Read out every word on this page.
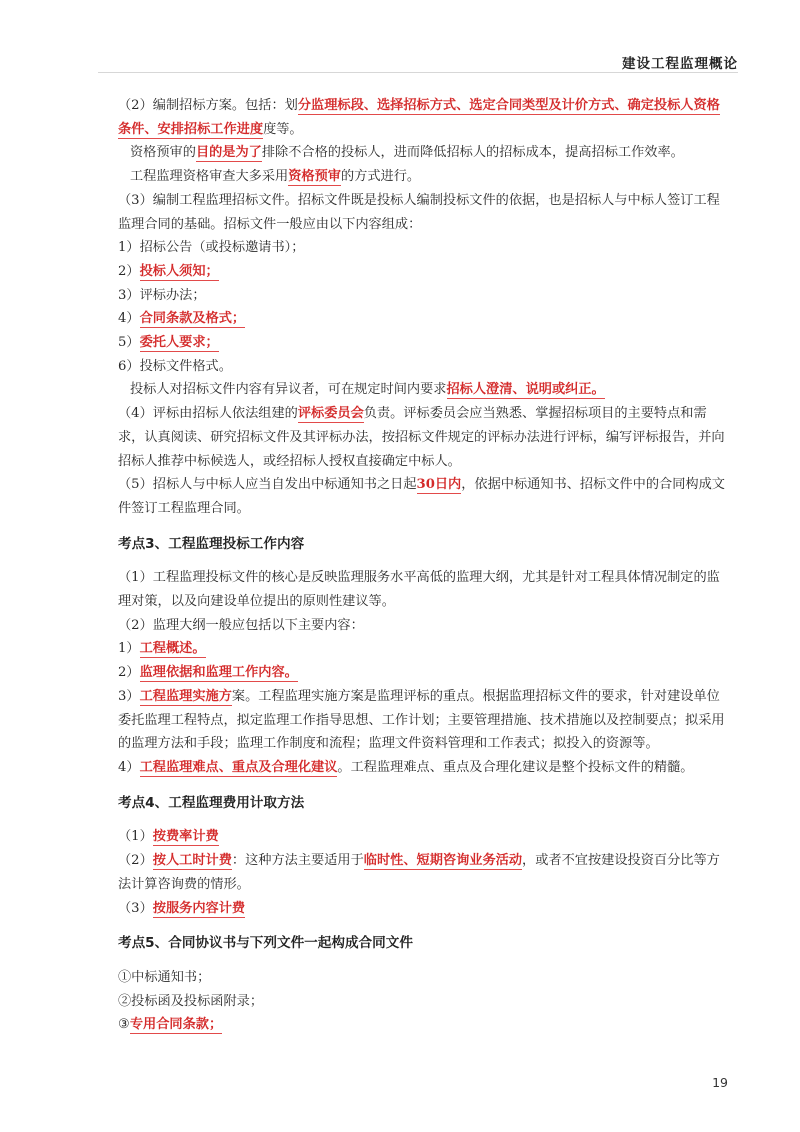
建设工程监理概论

（2）编制招标方案。包括：划分监理标段、选择招标方式、选定合同类型及计价方式、确定投标人资格条件、安排招标工作进度度等。

资格预审的目的是为了排除不合格的投标人，进而降低招标人的招标成本，提高招标工作效率。

工程监理资格审查大多采用资格预审的方式进行。

（3）编制工程监理招标文件。招标文件既是投标人编制投标文件的依据，也是招标人与中标人签订工程监理合同的基础。招标文件一般应由以下内容组成：

1）招标公告（或投标邀请书）；

2）投标人须知；

3）评标办法；

4）合同条款及格式；

5）委托人要求；

6）投标文件格式。

投标人对招标文件内容有异议者，可在规定时间内要求招标人澄清、说明或纠正。

（4）评标由招标人依法组建的评标委员会负责。评标委员会应当熟悉、掌握招标项目的主要特点和需求，认真阅读、研究招标文件及其评标办法，按招标文件规定的评标办法进行评标，编写评标报告，并向招标人推荐中标候选人，或经招标人授权直接确定中标人。

（5）招标人与中标人应当自发出中标通知书之日起30日内，依据中标通知书、招标文件中的合同构成文件签订工程监理合同。

考点3、工程监理投标工作内容

（1）工程监理投标文件的核心是反映监理服务水平高低的监理大纲，尤其是针对工程具体情况制定的监理对策，以及向建设单位提出的原则性建议等。

（2）监理大纲一般应包括以下主要内容：

1）工程概述。

2）监理依据和监理工作内容。

3）工程监理实施方案。工程监理实施方案是监理评标的重点。根据监理招标文件的要求，针对建设单位委托监理工程特点，拟定监理工作指导思想、工作计划；主要管理措施、技术措施以及控制要点；拟采用的监理方法和手段；监理工作制度和流程；监理文件资料管理和工作表式；拟投入的资源等。

4）工程监理难点、重点及合理化建议。工程监理难点、重点及合理化建议是整个投标文件的精髓。

考点4、工程监理费用计取方法

（1）按费率计费

（2）按人工时计费：这种方法主要适用于临时性、短期咨询业务活动，或者不宜按建设投资百分比等方法计算咨询费的情形。

（3）按服务内容计费

考点5、合同协议书与下列文件一起构成合同文件

①中标通知书；

②投标函及投标函附录；

③专用合同条款；

19
